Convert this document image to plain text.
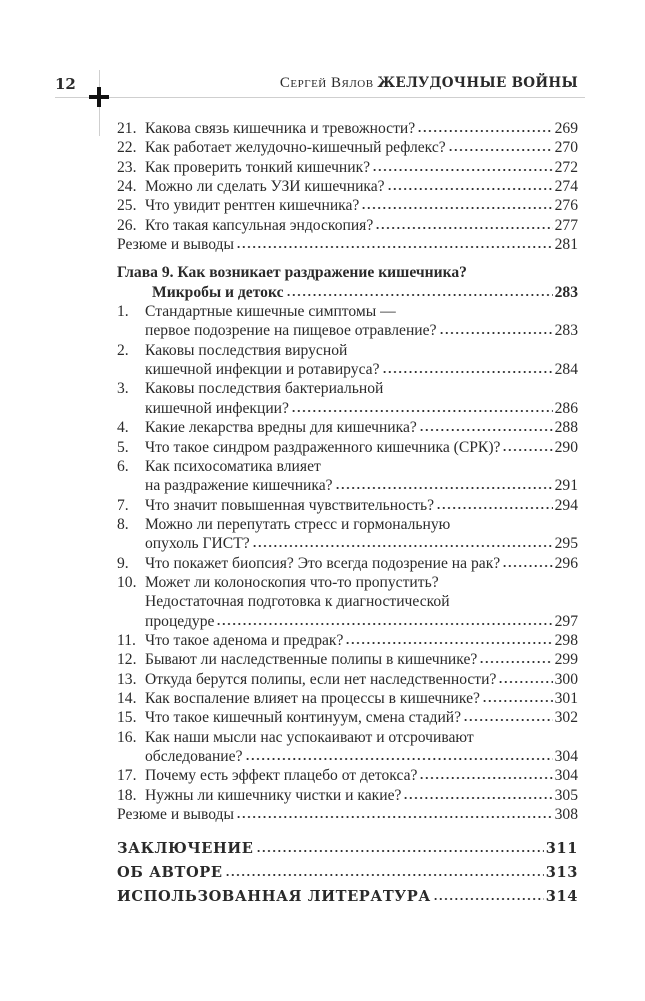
12	Сергей Вялов ЖЕЛУДОЧНЫЕ ВОЙНЫ
21. Какова связь кишечника и тревожности?	269
22. Как работает желудочно-кишечный рефлекс?	270
23. Как проверить тонкий кишечник?	272
24. Можно ли сделать УЗИ кишечника?	274
25. Что увидит рентген кишечника?	276
26. Кто такая капсульная эндоскопия?	277
Резюме и выводы	281
Глава 9. Как возникает раздражение кишечника?
Микробы и детокс	283
1.	Стандартные кишечные симптомы —
первое подозрение на пищевое отравление?	283
2.	Каковы последствия вирусной
кишечной инфекции и ротавируса?	284
3.	Каковы последствия бактериальной
кишечной инфекции?	286
4.	Какие лекарства вредны для кишечника?	288
5.	Что такое синдром раздраженного кишечника (СРК)?	290
6.	Как психосоматика влияет
на раздражение кишечника?	291
7.	Что значит повышенная чувствительность?	294
8.	Можно ли перепутать стресс и гормональную
опухоль ГИСТ?	295
9.	Что покажет биопсия? Это всегда подозрение на рак?	296
10. Может ли колоноскопия что-то пропустить?
Недостаточная подготовка к диагностической
процедуре	297
11. Что такое аденома и предрак?	298
12. Бывают ли наследственные полипы в кишечнике?	299
13. Откуда берутся полипы, если нет наследственности?	300
14. Как воспаление влияет на процессы в кишечнике?	301
15. Что такое кишечный континуум, смена стадий?	302
16. Как наши мысли нас успокаивают и отсрочивают
обследование?	304
17. Почему есть эффект плацебо от детокса?	304
18. Нужны ли кишечнику чистки и какие?	305
Резюме и выводы	308
ЗАКЛЮЧЕНИЕ	311
ОБ АВТОРЕ	313
ИСПОЛЬЗОВАННАЯ ЛИТЕРАТУРА	314
